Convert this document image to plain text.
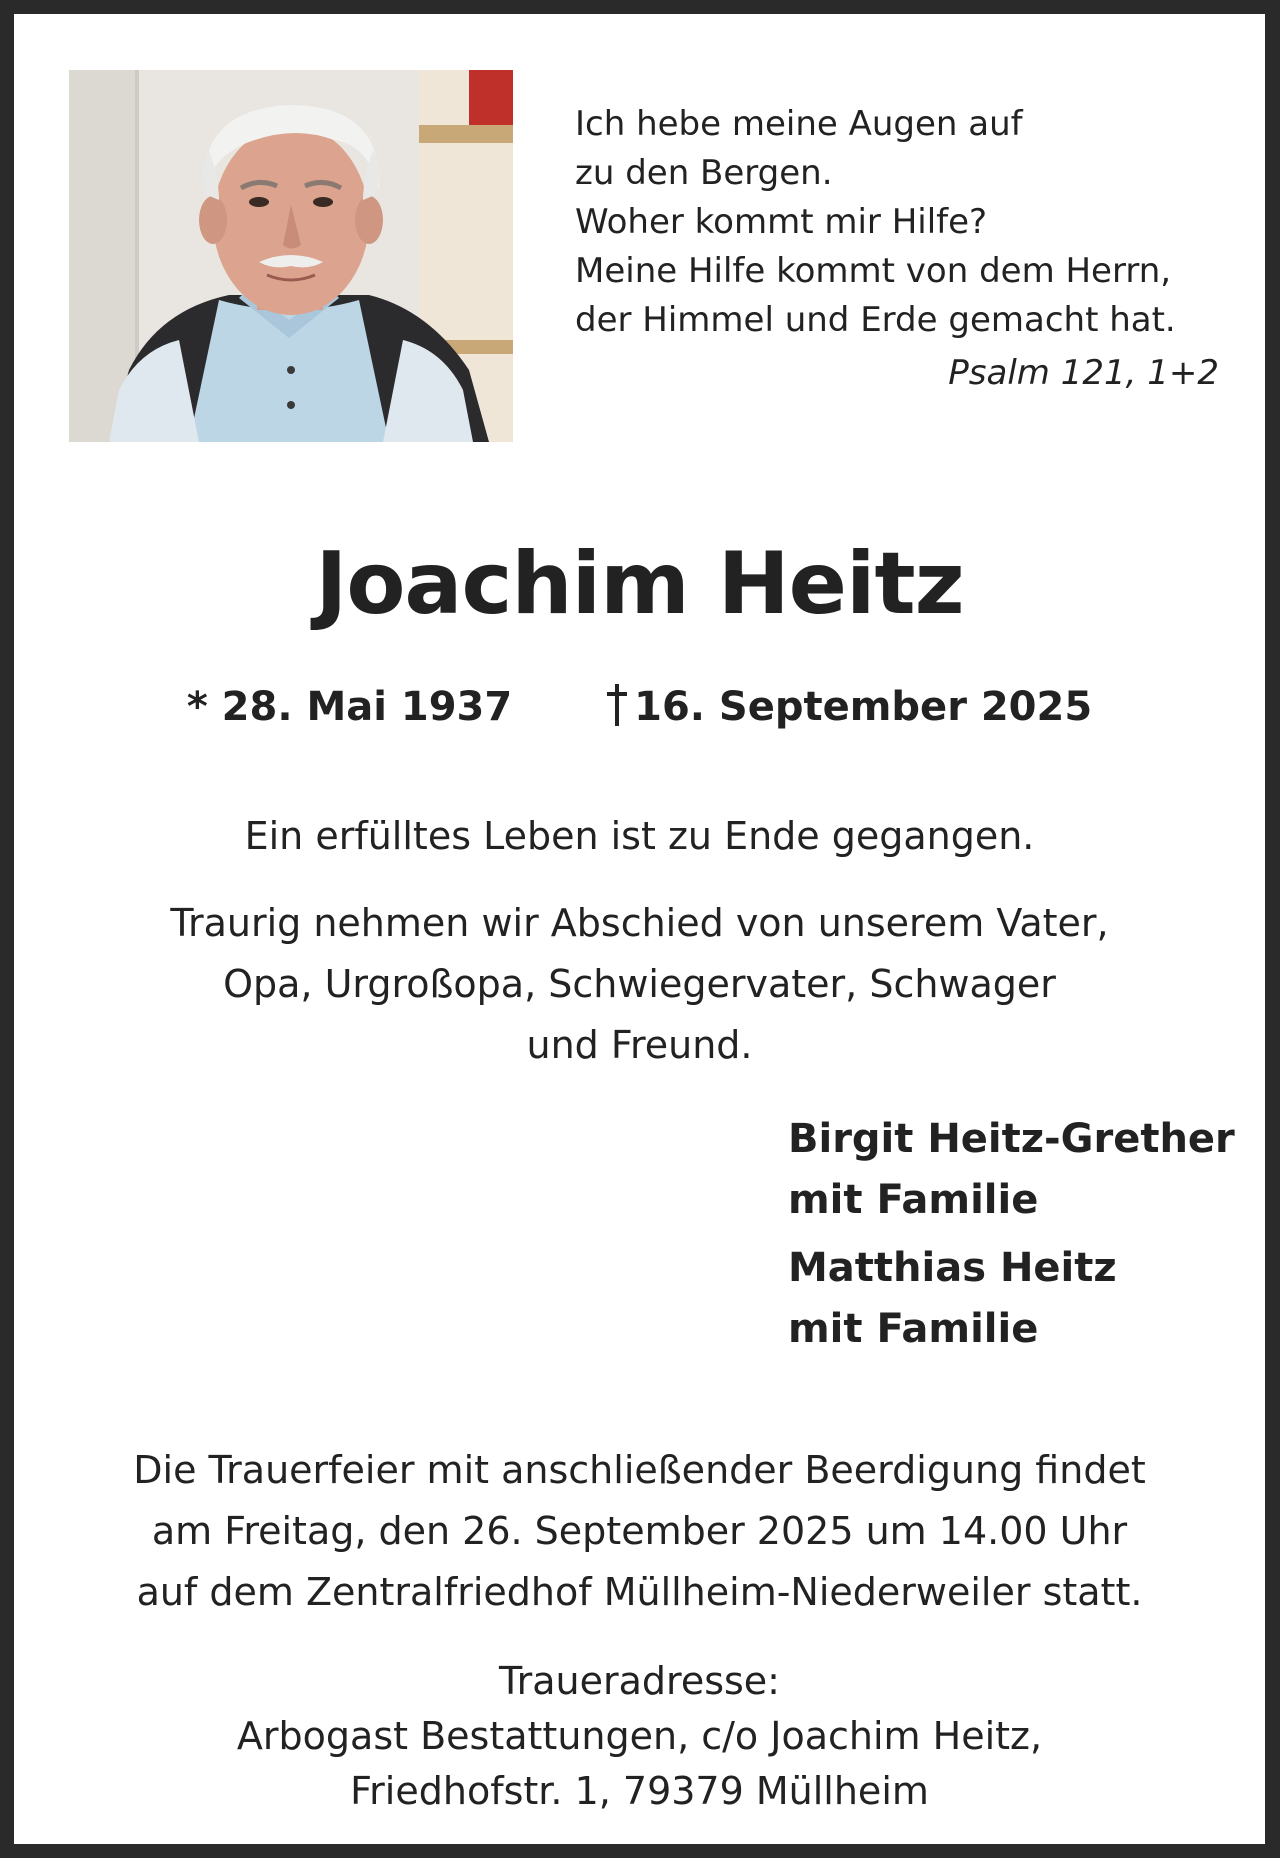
Ich hebe meine Augen auf
zu den Bergen.
Woher kommt mir Hilfe?
Meine Hilfe kommt von dem Herrn,
der Himmel und Erde gemacht hat.
Psalm 121, 1+2
Joachim Heitz
* 28. Mai 1937	16. September 2025
Ein erfülltes Leben ist zu Ende gegangen.
Traurig nehmen wir Abschied von unserem Vater,
Opa, Urgroßopa, Schwiegervater, Schwager
und Freund.
Birgit Heitz-Grether
mit Familie
Matthias Heitz
mit Familie
Die Trauerfeier mit anschließender Beerdigung findet
am Freitag, den 26. September 2025 um 14.00 Uhr
auf dem Zentralfriedhof Müllheim-Niederweiler statt.
Traueradresse:
Arbogast Bestattungen, c/o Joachim Heitz,
Friedhofstr. 1, 79379 Müllheim
